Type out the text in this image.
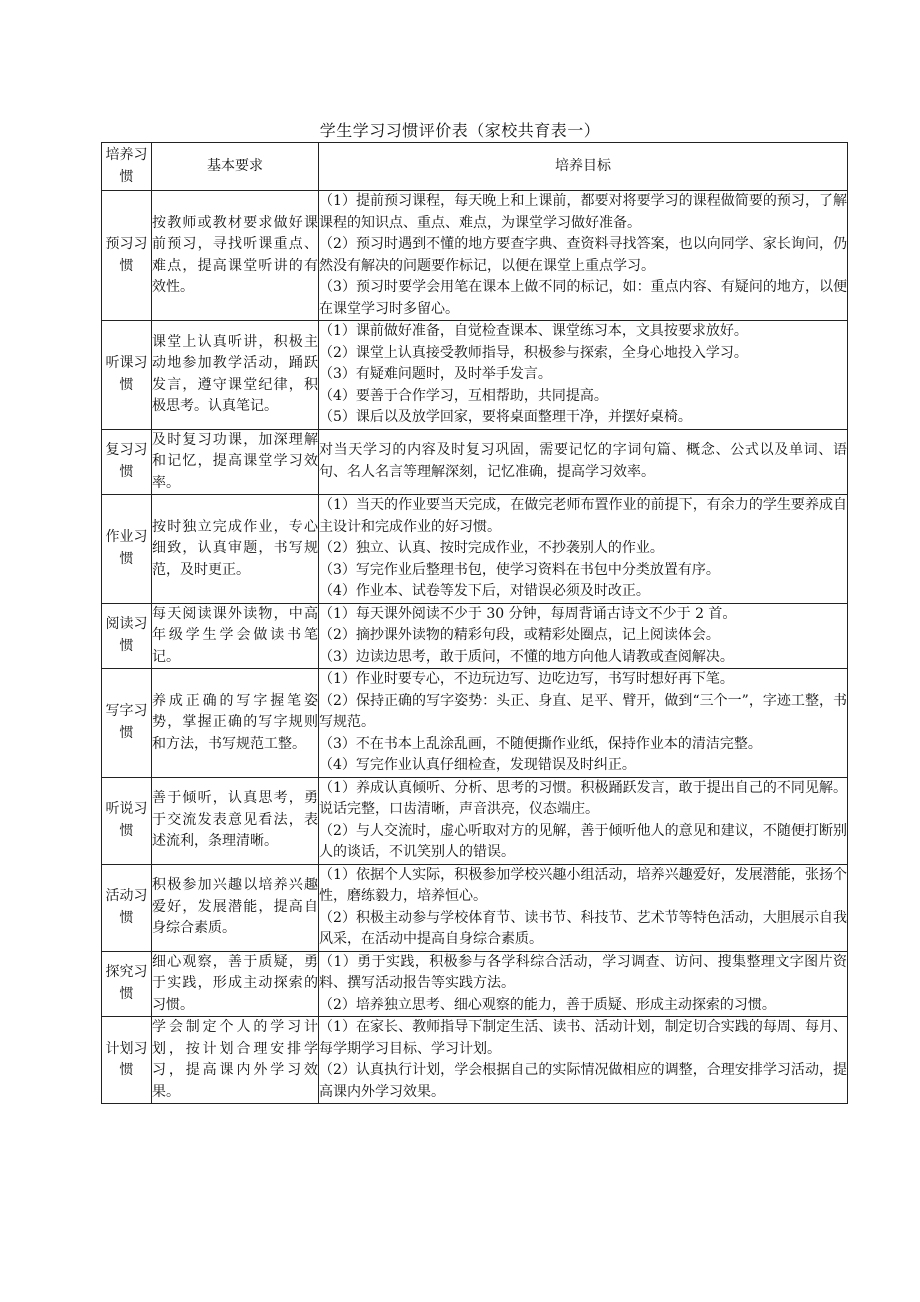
学生学习习惯评价表（家校共育表一）
培养习惯	基本要求	培养目标
预习习惯	按教师或教材要求做好课前预习，寻找听课重点、难点，提高课堂听讲的有效性。	（1）提前预习课程，每天晚上和上课前，都要对将要学习的课程做简要的预习，了解课程的知识点、重点、难点，为课堂学习做好准备。

（2）预习时遇到不懂的地方要查字典、查资料寻找答案，也以向同学、家长询问，仍然没有解决的问题要作标记，以便在课堂上重点学习。

（3）预习时要学会用笔在课本上做不同的标记，如：重点内容、有疑问的地方，以便在课堂学习时多留心。

听课习惯	课堂上认真听讲，积极主动地参加教学活动，踊跃发言，遵守课堂纪律，积极思考。认真笔记。	（1）课前做好准备，自觉检查课本、课堂练习本，文具按要求放好。

（2）课堂上认真接受教师指导，积极参与探索，全身心地投入学习。

（3）有疑难问题时，及时举手发言。

（4）要善于合作学习，互相帮助，共同提高。

（5）课后以及放学回家，要将桌面整理干净，并摆好桌椅。

复习习惯	及时复习功课，加深理解和记忆，提高课堂学习效率。	对当天学习的内容及时复习巩固，需要记忆的字词句篇、概念、公式以及单词、语句、名人名言等理解深刻，记忆准确，提高学习效率。

作业习惯	按时独立完成作业，专心细致，认真审题，书写规范，及时更正。	（1）当天的作业要当天完成，在做完老师布置作业的前提下，有余力的学生要养成自主设计和完成作业的好习惯。

（2）独立、认真、按时完成作业，不抄袭别人的作业。

（3）写完作业后整理书包，使学习资料在书包中分类放置有序。

（4）作业本、试卷等发下后，对错误必须及时改正。

阅读习惯	每天阅读课外读物，中高年级学生学会做读书笔记。	（1）每天课外阅读不少于 30 分钟，每周背诵古诗文不少于 2 首。

（2）摘抄课外读物的精彩句段，或精彩处圈点，记上阅读体会。

（3）边读边思考，敢于质问，不懂的地方向他人请教或查阅解决。

写字习惯	养成正确的写字握笔姿势，掌握正确的写字规则和方法，书写规范工整。	（1）作业时要专心，不边玩边写、边吃边写，书写时想好再下笔。

（2）保持正确的写字姿势：头正、身直、足平、臂开，做到“三个一”，字迹工整，书写规范。

（3）不在书本上乱涂乱画，不随便撕作业纸，保持作业本的清洁完整。

（4）写完作业认真仔细检查，发现错误及时纠正。

听说习惯	善于倾听，认真思考，勇于交流发表意见看法，表述流利，条理清晰。	（1）养成认真倾听、分析、思考的习惯。积极踊跃发言，敢于提出自己的不同见解。说话完整，口齿清晰，声音洪亮，仪态端庄。

（2）与人交流时，虚心听取对方的见解，善于倾听他人的意见和建议，不随便打断别人的谈话，不讥笑别人的错误。

活动习惯	积极参加兴趣以培养兴趣爱好，发展潜能，提高自身综合素质。	（1）依据个人实际，积极参加学校兴趣小组活动，培养兴趣爱好，发展潜能，张扬个性，磨练毅力，培养恒心。

（2）积极主动参与学校体育节、读书节、科技节、艺术节等特色活动，大胆展示自我风采，在活动中提高自身综合素质。

探究习惯	细心观察，善于质疑，勇于实践，形成主动探索的习惯。	（1）勇于实践，积极参与各学科综合活动，学习调查、访问、搜集整理文字图片资料、撰写活动报告等实践方法。

（2）培养独立思考、细心观察的能力，善于质疑、形成主动探索的习惯。

计划习惯	学会制定个人的学习计划，按计划合理安排学习，提高课内外学习效果。	（1）在家长、教师指导下制定生活、读书、活动计划，制定切合实践的每周、每月、每学期学习目标、学习计划。

（2）认真执行计划，学会根据自己的实际情况做相应的调整，合理安排学习活动，提高课内外学习效果。
